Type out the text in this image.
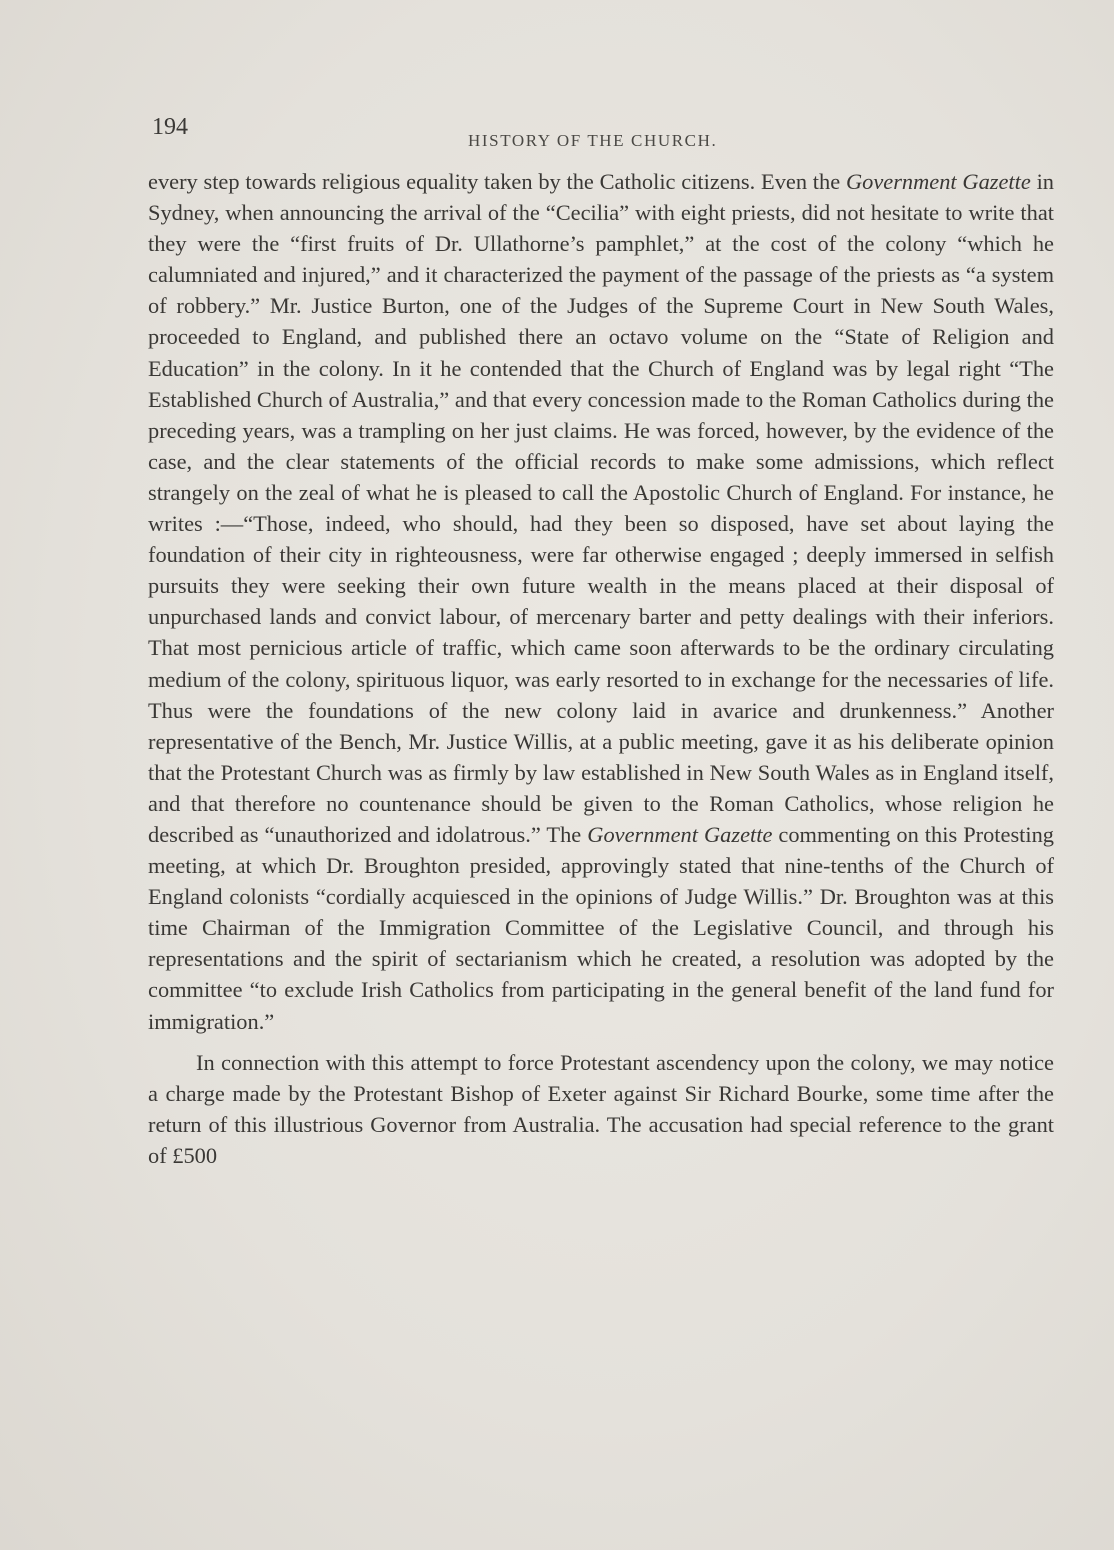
194
HISTORY OF THE CHURCH.

every step towards religious equality taken by the Catholic citizens. Even the Government Gazette in Sydney, when announcing the arrival of the “Cecilia” with eight priests, did not hesitate to write that they were the “first fruits of Dr. Ullathorne’s pamphlet,” at the cost of the colony “which he calumniated and injured,” and it characterized the payment of the passage of the priests as “a system of robbery.” Mr. Justice Burton, one of the Judges of the Supreme Court in New South Wales, proceeded to England, and published there an octavo volume on the “State of Religion and Education” in the colony. In it he contended that the Church of England was by legal right “The Established Church of Australia,” and that every concession made to the Roman Catholics during the preceding years, was a trampling on her just claims. He was forced, however, by the evidence of the case, and the clear statements of the official records to make some admissions, which reflect strangely on the zeal of what he is pleased to call the Apostolic Church of England. For instance, he writes :—“Those, indeed, who should, had they been so disposed, have set about laying the foundation of their city in righteousness, were far otherwise engaged ; deeply immersed in selfish pursuits they were seeking their own future wealth in the means placed at their disposal of unpurchased lands and convict labour, of mercenary barter and petty dealings with their inferiors. That most pernicious article of traffic, which came soon afterwards to be the ordinary circulating medium of the colony, spirituous liquor, was early resorted to in exchange for the necessaries of life. Thus were the foundations of the new colony laid in avarice and drunkenness.” Another representative of the Bench, Mr. Justice Willis, at a public meeting, gave it as his deliberate opinion that the Protestant Church was as firmly by law established in New South Wales as in England itself, and that therefore no countenance should be given to the Roman Catholics, whose religion he described as “unauthorized and idolatrous.” The Government Gazette commenting on this Protesting meeting, at which Dr. Broughton presided, approvingly stated that nine-tenths of the Church of England colonists “cordially acquiesced in the opinions of Judge Willis.” Dr. Broughton was at this time Chairman of the Immigration Committee of the Legislative Council, and through his representations and the spirit of sectarianism which he created, a resolution was adopted by the committee “to exclude Irish Catholics from participating in the general benefit of the land fund for immigration.”

In connection with this attempt to force Protestant ascendency upon the colony, we may notice a charge made by the Protestant Bishop of Exeter against Sir Richard Bourke, some time after the return of this illustrious Governor from Australia. The accusation had special reference to the grant of £500
